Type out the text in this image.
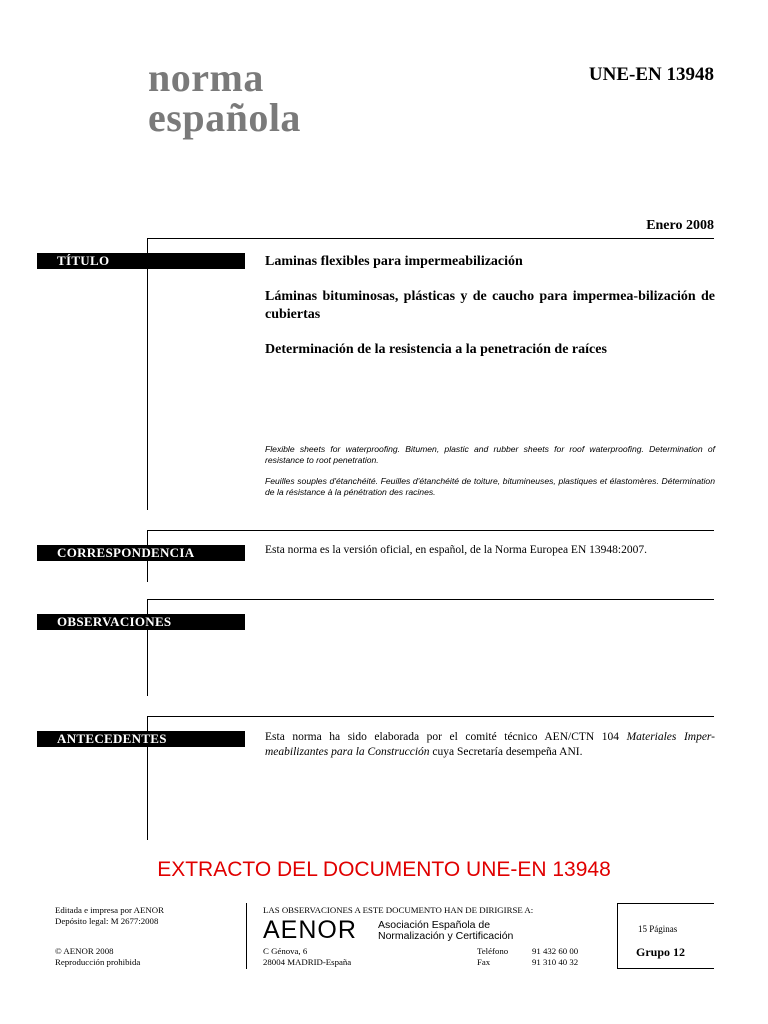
norma
española
UNE-EN 13948
Enero 2008
TÍTULO
CORRESPONDENCIA
OBSERVACIONES
ANTECEDENTES

Laminas flexibles para impermeabilización

Láminas bituminosas, plásticas y de caucho para impermea-bilización de cubiertas

Determinación de la resistencia a la penetración de raíces

Flexible sheets for waterproofing. Bitumen, plastic and rubber sheets for roof waterproofing. Determination of resistance to root penetration.

Feuilles souples d'étanchéité. Feuilles d'étanchéité de toiture, bitumineuses, plastiques et élastomères. Détermination de la résistance à la pénétration des racines.

Esta norma es la versión oficial, en español, de la Norma Europea EN 13948:2007.
Esta norma ha sido elaborada por el comité técnico AEN/CTN 104 Materiales Imper-meabilizantes para la Construcción cuya Secretaría desempeña ANI.
EXTRACTO DEL DOCUMENTO UNE-EN 13948
Editada e impresa por AENOR
Depósito legal: M 2677:2008
© AENOR 2008
Reproducción prohibida
LAS OBSERVACIONES A ESTE DOCUMENTO HAN DE DIRIGIRSE A:
AENOR Asociación Española de
Normalización y Certificación
C Génova, 6
28004 MADRID-España
Teléfono
Fax
91 432 60 00
91 310 40 32
15 Páginas
Grupo 12
